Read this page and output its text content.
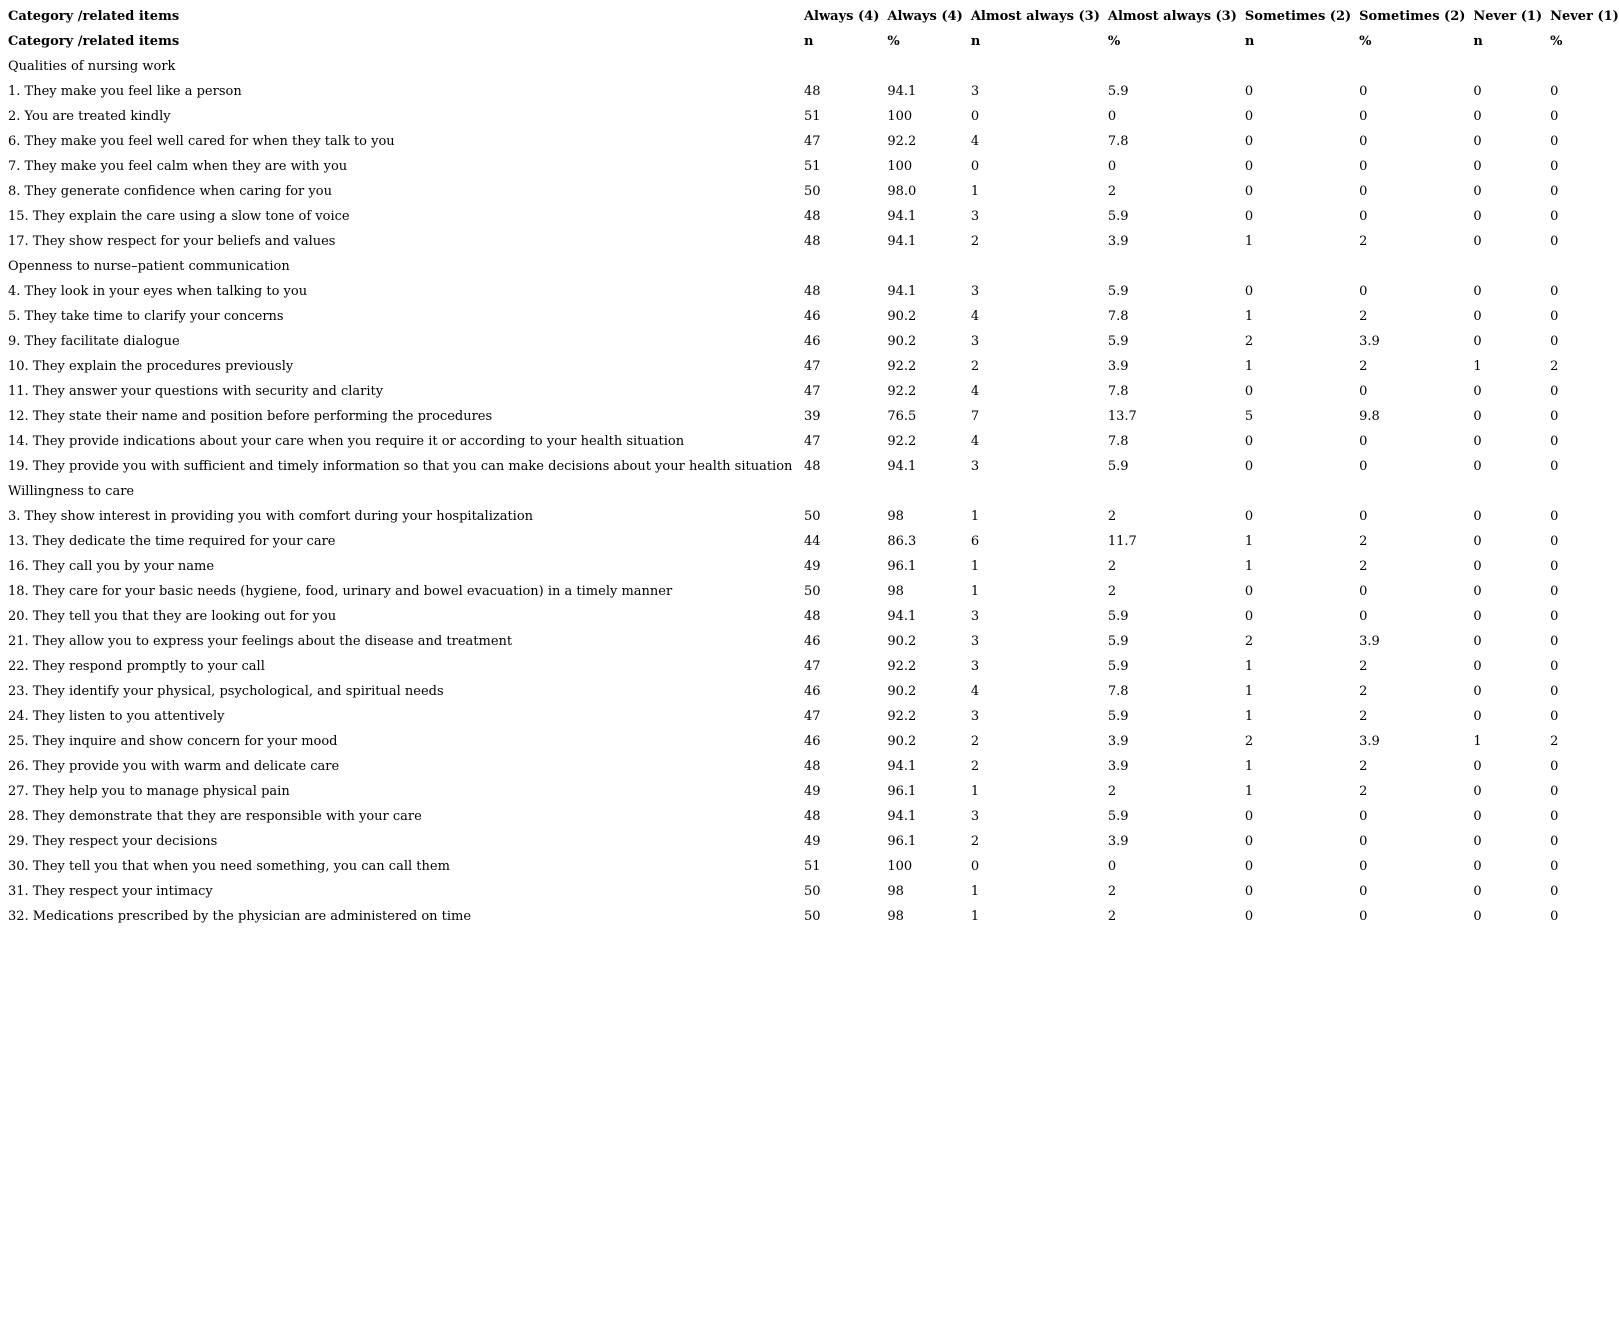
Category /related items	Always (4)	Always (4)	Almost always (3)	Almost always (3)	Sometimes (2)	Sometimes (2)	Never (1)	Never (1)
Category /related items	n	%	n	%	n	%	n	%
Qualities of nursing work								
1. They make you feel like a person	48	94.1	3	5.9	0	0	0	0
2. You are treated kindly	51	100	0	0	0	0	0	0
6. They make you feel well cared for when they talk to you	47	92.2	4	7.8	0	0	0	0
7. They make you feel calm when they are with you	51	100	0	0	0	0	0	0
8. They generate confidence when caring for you	50	98.0	1	2	0	0	0	0
15. They explain the care using a slow tone of voice	48	94.1	3	5.9	0	0	0	0
17. They show respect for your beliefs and values	48	94.1	2	3.9	1	2	0	0
Openness to nurse–patient communication								
4. They look in your eyes when talking to you	48	94.1	3	5.9	0	0	0	0
5. They take time to clarify your concerns	46	90.2	4	7.8	1	2	0	0
9. They facilitate dialogue	46	90.2	3	5.9	2	3.9	0	0
10. They explain the procedures previously	47	92.2	2	3.9	1	2	1	2
11. They answer your questions with security and clarity	47	92.2	4	7.8	0	0	0	0
12. They state their name and position before performing the procedures	39	76.5	7	13.7	5	9.8	0	0
14. They provide indications about your care when you require it or according to your health situation	47	92.2	4	7.8	0	0	0	0
19. They provide you with sufficient and timely information so that you can make decisions about your health situation	48	94.1	3	5.9	0	0	0	0
Willingness to care								
3. They show interest in providing you with comfort during your hospitalization	50	98	1	2	0	0	0	0
13. They dedicate the time required for your care	44	86.3	6	11.7	1	2	0	0
16. They call you by your name	49	96.1	1	2	1	2	0	0
18. They care for your basic needs (hygiene, food, urinary and bowel evacuation) in a timely manner	50	98	1	2	0	0	0	0
20. They tell you that they are looking out for you	48	94.1	3	5.9	0	0	0	0
21. They allow you to express your feelings about the disease and treatment	46	90.2	3	5.9	2	3.9	0	0
22. They respond promptly to your call	47	92.2	3	5.9	1	2	0	0
23. They identify your physical, psychological, and spiritual needs	46	90.2	4	7.8	1	2	0	0
24. They listen to you attentively	47	92.2	3	5.9	1	2	0	0
25. They inquire and show concern for your mood	46	90.2	2	3.9	2	3.9	1	2
26. They provide you with warm and delicate care	48	94.1	2	3.9	1	2	0	0
27. They help you to manage physical pain	49	96.1	1	2	1	2	0	0
28. They demonstrate that they are responsible with your care	48	94.1	3	5.9	0	0	0	0
29. They respect your decisions	49	96.1	2	3.9	0	0	0	0
30. They tell you that when you need something, you can call them	51	100	0	0	0	0	0	0
31. They respect your intimacy	50	98	1	2	0	0	0	0
32. Medications prescribed by the physician are administered on time	50	98	1	2	0	0	0	0
